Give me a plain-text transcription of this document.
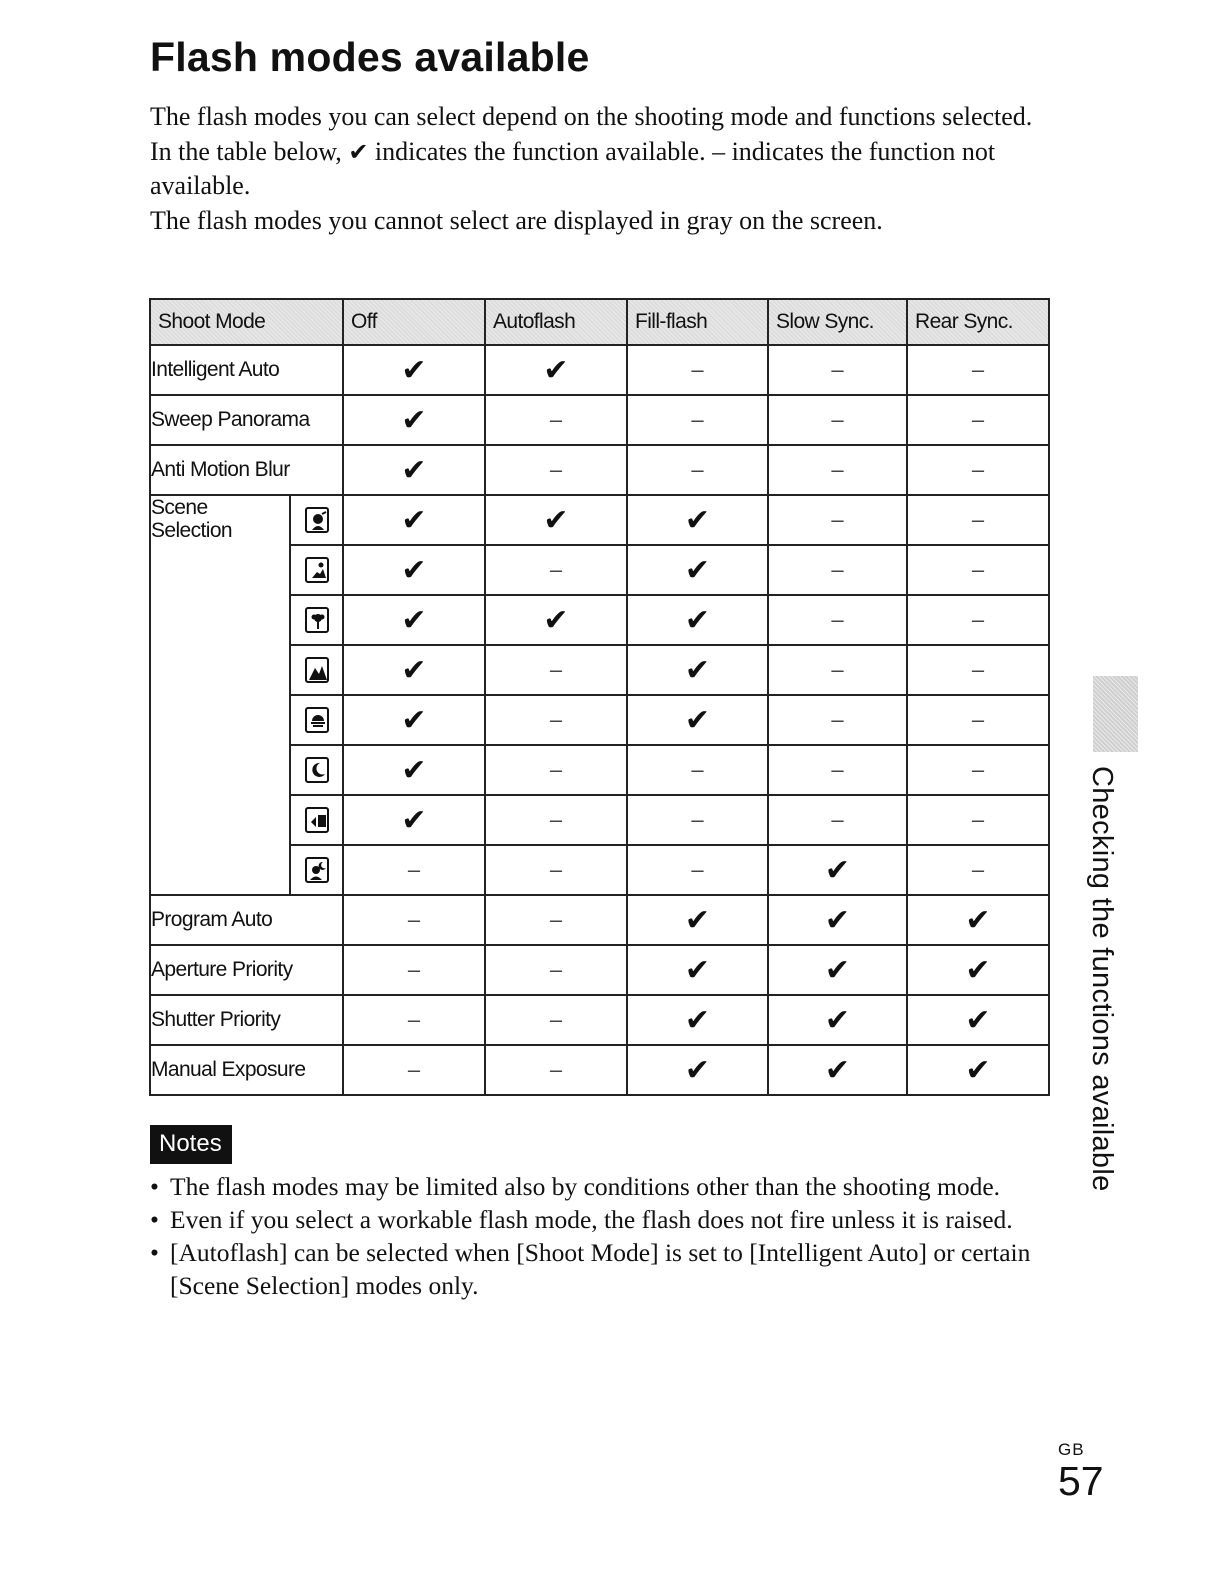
Flash modes available

The flash modes you can select depend on the shooting mode and functions selected.

In the table below, ✔ indicates the function available. – indicates the function not available.

The flash modes you cannot select are displayed in gray on the screen.

Shoot Mode		Off	Autoflash	Fill-flash	Slow Sync.	Rear Sync.
Intelligent Auto		✔	✔	–	–	–
Sweep Panorama		✔	–	–	–	–
Anti Motion Blur		✔	–	–	–	–

Scene
Selection		✔	✔	✔	–	–

	✔	–	✔	–	–

	✔	✔	✔	–	–

	✔	–	✔	–	–

	✔	–	✔	–	–

	✔	–	–	–	–

	✔	–	–	–	–

	–	–	–	✔	–
Program Auto		–	–	✔	✔	✔
Aperture Priority		–	–	✔	✔	✔
Shutter Priority		–	–	✔	✔	✔
Manual Exposure		–	–	✔	✔	✔
Notes
• The flash modes may be limited also by conditions other than the shooting mode.
• Even if you select a workable flash mode, the flash does not fire unless it is raised.
• [Autoflash] can be selected when [Shoot Mode] is set to [Intelligent Auto] or certain [Scene Selection] modes only.
Checking the functions available
GB
57
